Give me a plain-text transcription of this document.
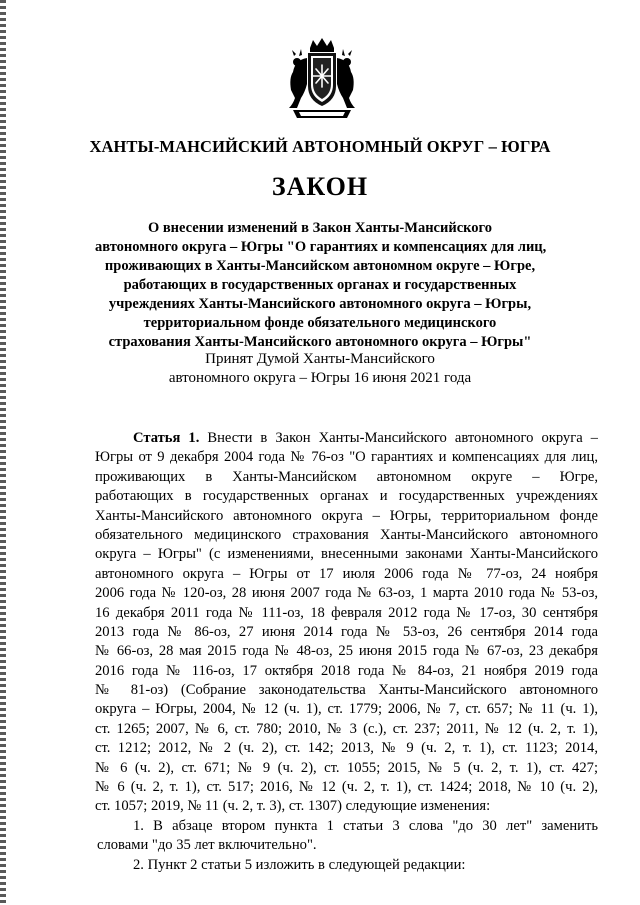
ХАНТЫ-МАНСИЙСКИЙ АВТОНОМНЫЙ ОКРУГ – ЮГРА
ЗАКОН
О внесении изменений в Закон Ханты-Мансийского
автономного округа – Югры "О гарантиях и компенсациях для лиц,
проживающих в Ханты-Мансийском автономном округе – Югре,
работающих в государственных органах и государственных
учреждениях Ханты-Мансийского автономного округа – Югры,
территориальном фонде обязательного медицинского
страхования Ханты-Мансийского автономного округа – Югры"
Принят Думой Ханты-Мансийского
автономного округа – Югры 16 июня 2021 года
Статья 1. Внести в Закон Ханты-Мансийского автономного округа –
Югры от 9 декабря 2004 года № 76-оз "О гарантиях и компенсациях для лиц,
проживающих в Ханты-Мансийском автономном округе – Югре,
работающих в государственных органах и государственных учреждениях
Ханты-Мансийского автономного округа – Югры, территориальном фонде
обязательного медицинского страхования Ханты-Мансийского автономного
округа – Югры" (с изменениями, внесенными законами Ханты-Мансийского
автономного округа – Югры от 17 июля 2006 года № 77-оз, 24 ноября
2006 года № 120-оз, 28 июня 2007 года № 63-оз, 1 марта 2010 года № 53-оз,
16 декабря 2011 года № 111-оз, 18 февраля 2012 года № 17-оз, 30 сентября
2013 года № 86-оз, 27 июня 2014 года № 53-оз, 26 сентября 2014 года
№ 66-оз, 28 мая 2015 года № 48-оз, 25 июня 2015 года № 67-оз, 23 декабря
2016 года № 116-оз, 17 октября 2018 года № 84-оз, 21 ноября 2019 года
№ 81-оз) (Собрание законодательства Ханты-Мансийского автономного
округа – Югры, 2004, № 12 (ч. 1), ст. 1779; 2006, № 7, ст. 657; № 11 (ч. 1),
ст. 1265; 2007, № 6, ст. 780; 2010, № 3 (с.), ст. 237; 2011, № 12 (ч. 2, т. 1),
ст. 1212; 2012, № 2 (ч. 2), ст. 142; 2013, № 9 (ч. 2, т. 1), ст. 1123; 2014,
№ 6 (ч. 2), ст. 671; № 9 (ч. 2), ст. 1055; 2015, № 5 (ч. 2, т. 1), ст. 427;
№ 6 (ч. 2, т. 1), ст. 517; 2016, № 12 (ч. 2, т. 1), ст. 1424; 2018, № 10 (ч. 2),
ст. 1057; 2019, № 11 (ч. 2, т. 3), ст. 1307) следующие изменения:
1. В абзаце втором пункта 1 статьи 3 слова "до 30 лет" заменить
словами "до 35 лет включительно".
2. Пункт 2 статьи 5 изложить в следующей редакции:
